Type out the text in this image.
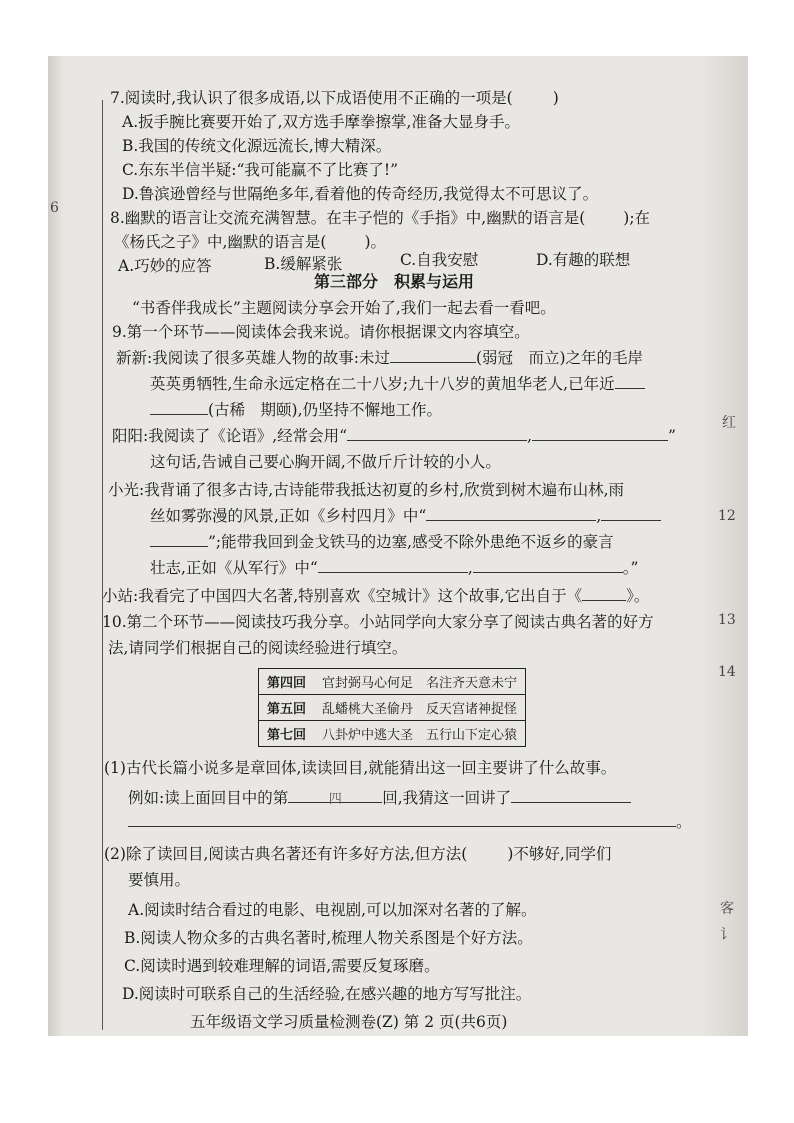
6
红
12
13
14
客
讠
7.阅读时,我认识了很多成语,以下成语使用不正确的一项是(	)
A.扳手腕比赛要开始了,双方选手摩拳擦掌,准备大显身手。
B.我国的传统文化源远流长,博大精深。
C.东东半信半疑:“我可能赢不了比赛了!”
D.鲁滨逊曾经与世隔绝多年,看着他的传奇经历,我觉得太不可思议了。
8.幽默的语言让交流充满智慧。在丰子恺的《手指》中,幽默的语言是( );在
《杨氏之子》中,幽默的语言是( )。
A.巧妙的应答	B.缓解紧张	C.自我安慰	D.有趣的联想
第三部分　积累与运用
“书香伴我成长”主题阅读分享会开始了,我们一起去看一看吧。
9.第一个环节——阅读体会我来说。请你根据课文内容填空。
新新:我阅读了很多英雄人物的故事:未过	(弱冠　而立)之年的毛岸
英英勇牺牲,生命永远定格在二十八岁;九十八岁的黄旭华老人,已年近
(古稀　期颐),仍坚持不懈地工作。
阳阳:我阅读了《论语》,经常会用“	,	”
这句话,告诫自己要心胸开阔,不做斤斤计较的小人。
小光:我背诵了很多古诗,古诗能带我抵达初夏的乡村,欣赏到树木遍布山林,雨
丝如雾弥漫的风景,正如《乡村四月》中“	,
”;能带我回到金戈铁马的边塞,感受不除外患绝不返乡的豪言
壮志,正如《从军行》中“	,	。”
小站:我看完了中国四大名著,特别喜欢《空城计》这个故事,它出自于《	》。
10.第二个环节——阅读技巧我分享。小站同学向大家分享了阅读古典名著的好方
法,请同学们根据自己的阅读经验进行填空。
第四回	官封弼马心何足　名注齐天意未宁
第五回	乱蟠桃大圣偷丹　反天宫诸神捉怪
第七回	八卦炉中逃大圣　五行山下定心猿
(1)古代长篇小说多是章回体,读读回目,就能猜出这一回主要讲了什么故事。
例如:读上面回目中的第	四	回,我猜这一回讲了
。
(2)除了读回目,阅读古典名著还有许多好方法,但方法(	)不够好,同学们
要慎用。
A.阅读时结合看过的电影、电视剧,可以加深对名著的了解。
B.阅读人物众多的古典名著时,梳理人物关系图是个好方法。
C.阅读时遇到较难理解的词语,需要反复琢磨。
D.阅读时可联系自己的生活经验,在感兴趣的地方写写批注。
五年级语文学习质量检测卷(Z) 第 2 页(共6页)
